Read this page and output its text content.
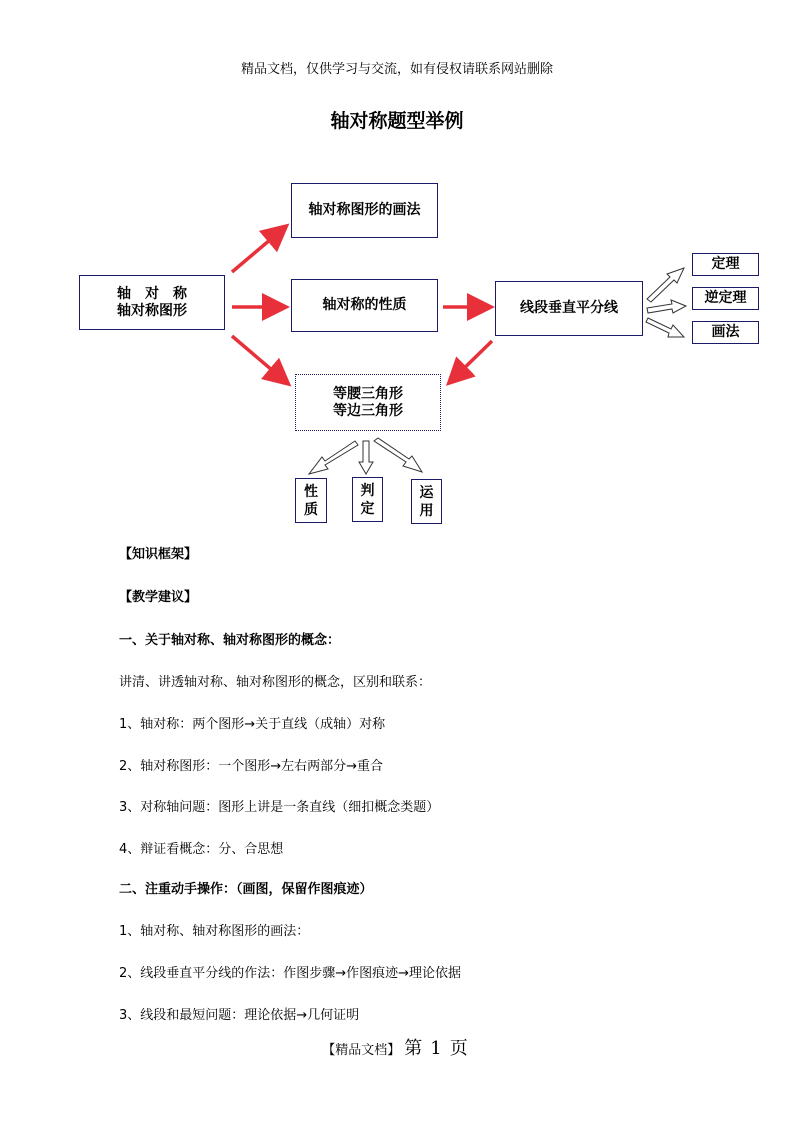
精品文档，仅供学习与交流，如有侵权请联系网站删除
轴对称题型举例
轴　对　称
轴对称图形
轴对称图形的画法
轴对称的性质	线段垂直平分线
等腰三角形
等边三角形
定理
逆定理
画法
性
质
判
定
运
用
【知识框架】
【教学建议】
一、关于轴对称、轴对称图形的概念：
讲清、讲透轴对称、轴对称图形的概念，区别和联系：
1、轴对称：两个图形→关于直线（成轴）对称
2、轴对称图形：一个图形→左右两部分→重合
3、对称轴问题：图形上讲是一条直线（细扣概念类题）
4、辩证看概念：分、合思想
二、注重动手操作：（画图，保留作图痕迹）
1、轴对称、轴对称图形的画法：
2、线段垂直平分线的作法：作图步骤→作图痕迹→理论依据
3、线段和最短问题：理论依据→几何证明
【精品文档】 第 1 页
